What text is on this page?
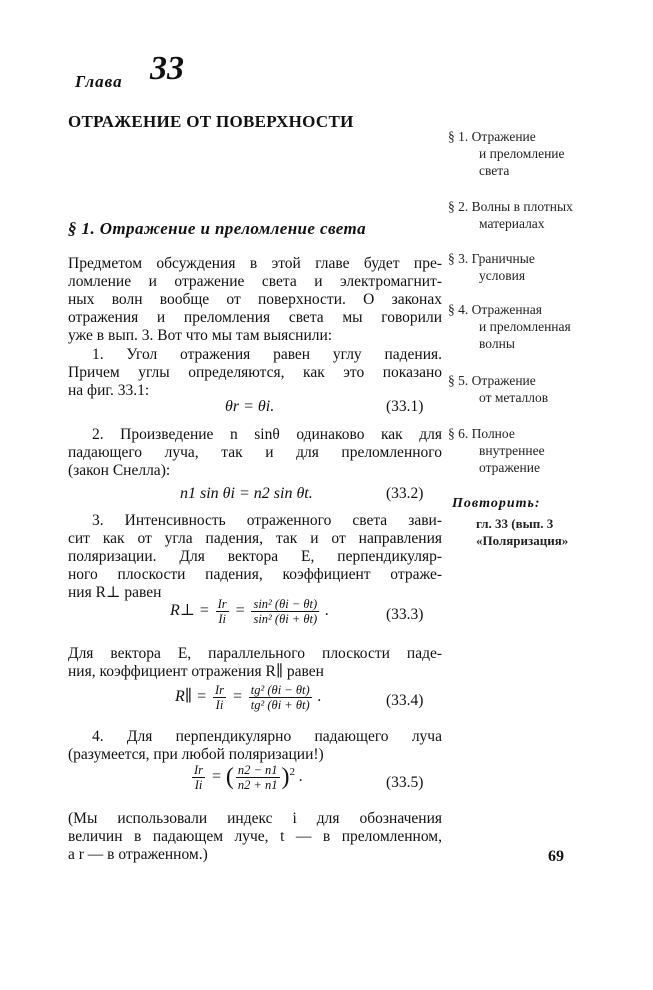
Глава 33
ОТРАЖЕНИЕ ОТ ПОВЕРХНОСТИ
§ 1. Отражение и преломление света
Предметом обсуждения в этой главе будет пре-
ломление и отражение света и электромагнит-
ных волн вообще от поверхности. О законах
отражения и преломления света мы говорили
уже в вып. 3. Вот что мы там выяснили:
1. Угол отражения равен углу падения.
Причем углы определяются, как это показано
на фиг. 33.1:
θr = θi.	(33.1)
2. Произведение n sinθ одинаково как для
падающего луча, так и для преломленного
(закон Снелла):
n1 sin θi = n2 sin θt.	(33.2)
3. Интенсивность отраженного света зави-
сит как от угла падения, так и от направления
поляризации. Для вектора E, перпендикуляр-
ного плоскости падения, коэффициент отраже-
ния R⊥ равен
R⊥ = $\frac{Ir}{Ii} = \frac{\text{sin² (θi − θt)}}{\text{sin² (θi + θt)}}$ .	(33.3)
Для вектора E, параллельного плоскости паде-
ния, коэффициент отражения R∥ равен
R∥ = $\frac{Ir}{Ii} = \frac{\text{tg² (θi − θt)}}{\text{tg² (θi + θt)}}$ .	(33.4)
4. Для перпендикулярно падающего луча
(разумеется, при любой поляризации!)
$\frac{Ir}{Ii}$ = ( $\frac{n2 - n1}{n2 + n1} )^2$ .	(33.5)
(Мы использовали индекс i для обозначения
величин в падающем луче, t — в преломленном,
а r — в отраженном.)
§ 1. Отражение
и преломление
света
§ 2. Волны в плотных
материалах
§ 3. Граничные
условия
§ 4. Отраженная
и преломленная
волны
§ 5. Отражение
от металлов
§ 6. Полное
внутреннее
отражение
Повторить:
гл. 33 (вып. 3
«Поляризация»
69
